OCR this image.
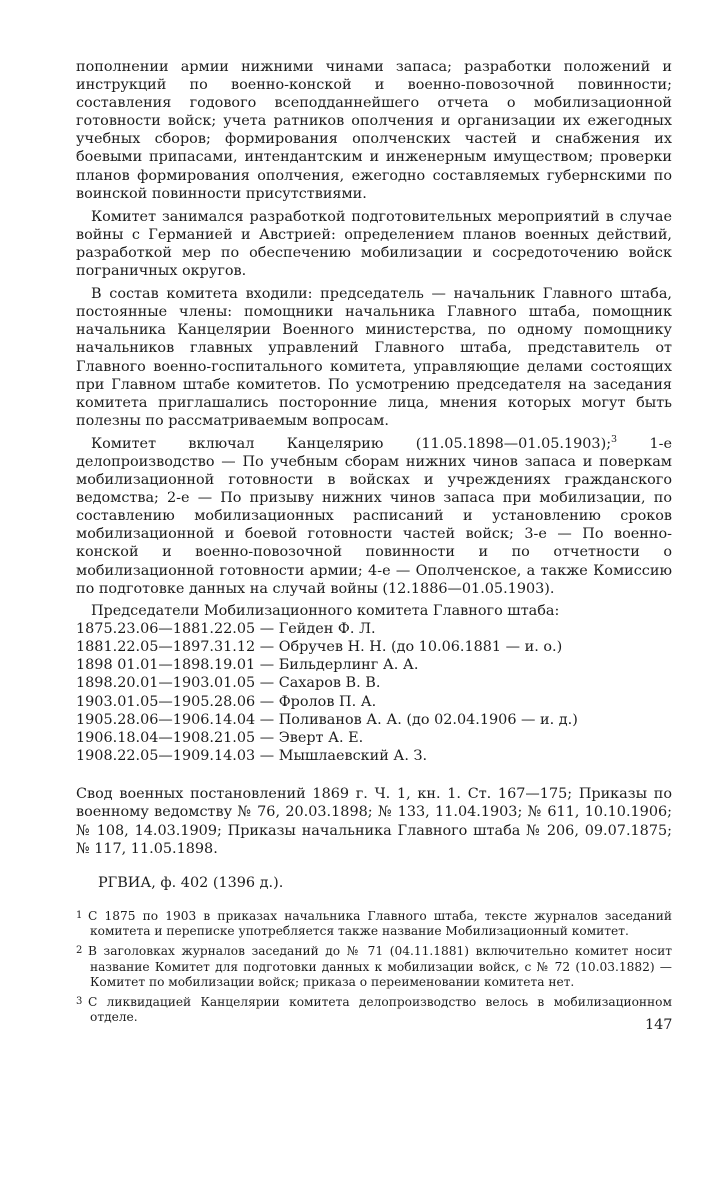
пополнении армии нижними чинами запаса; разработки положений и инструкций по военно-конской и военно-повозочной повинности; составления годового всеподданнейшего отчета о мобилизационной готовности войск; учета ратников ополчения и организации их ежегодных учебных сборов; формирования ополченских частей и снабжения их боевыми припасами, интендантским и инженерным имуществом; проверки планов формирования ополчения, ежегодно составляемых губернскими по воинской повинности присутствиями.

Комитет занимался разработкой подготовительных мероприятий в случае войны с Германией и Австрией: определением планов военных действий, разработкой мер по обеспечению мобилизации и сосредоточению войск пограничных округов.

В состав комитета входили: председатель — начальник Главного штаба, постоянные члены: помощники начальника Главного штаба, помощник начальника Канцелярии Военного министерства, по одному помощнику начальников главных управлений Главного штаба, представитель от Главного военно-госпитального комитета, управляющие делами состоящих при Главном штабе комитетов. По усмотрению председателя на заседания комитета приглашались посторонние лица, мнения которых могут быть полезны по рассматриваемым вопросам.

Комитет включал Канцелярию (11.05.1898—01.05.1903);$^3$ 1-е делопроизводство — По учебным сборам нижних чинов запаса и поверкам мобилизационной готовности в войсках и учреждениях гражданского ведомства; 2-е — По призыву нижних чинов запаса при мобилизации, по составлению мобилизационных расписаний и установлению сроков мобилизационной и боевой готовности частей войск; 3-е — По военно-конской и военно-повозочной повинности и по отчетности о мобилизационной готовности армии; 4-е — Ополченское, а также Комиссию по подготовке данных на случай войны (12.1886—01.05.1903).

Председатели Мобилизационного комитета Главного штаба:

1875.23.06—1881.22.05 — Гейден Ф. Л.
1881.22.05—1897.31.12 — Обручев Н. Н. (до 10.06.1881 — и. о.)
1898 01.01—1898.19.01 — Бильдерлинг А. А.
1898.20.01—1903.01.05 — Сахаров В. В.
1903.01.05—1905.28.06 — Фролов П. А.
1905.28.06—1906.14.04 — Поливанов А. А. (до 02.04.1906 — и. д.)
1906.18.04—1908.21.05 — Эверт А. Е.
1908.22.05—1909.14.03 — Мышлаевский А. З.

Свод военных постановлений 1869 г. Ч. 1, кн. 1. Ст. 167—175; Приказы по военному ведомству № 76, 20.03.1898; № 133, 11.04.1903; № 611, 10.10.1906; № 108, 14.03.1909; Приказы начальника Главного штаба № 206, 09.07.1875; № 117, 11.05.1898.

РГВИА, ф. 402 (1396 д.).

1 С 1875 по 1903 в приказах начальника Главного штаба, тексте журналов заседаний комитета и переписке употребляется также название Мобилизационный комитет.
2 В заголовках журналов заседаний до № 71 (04.11.1881) включительно комитет носит название Комитет для подготовки данных к мобилизации войск, с № 72 (10.03.1882) — Комитет по мобилизации войск; приказа о переименовании комитета нет.
3 С ликвидацией Канцелярии комитета делопроизводство велось в мобилизационном отделе.	147
